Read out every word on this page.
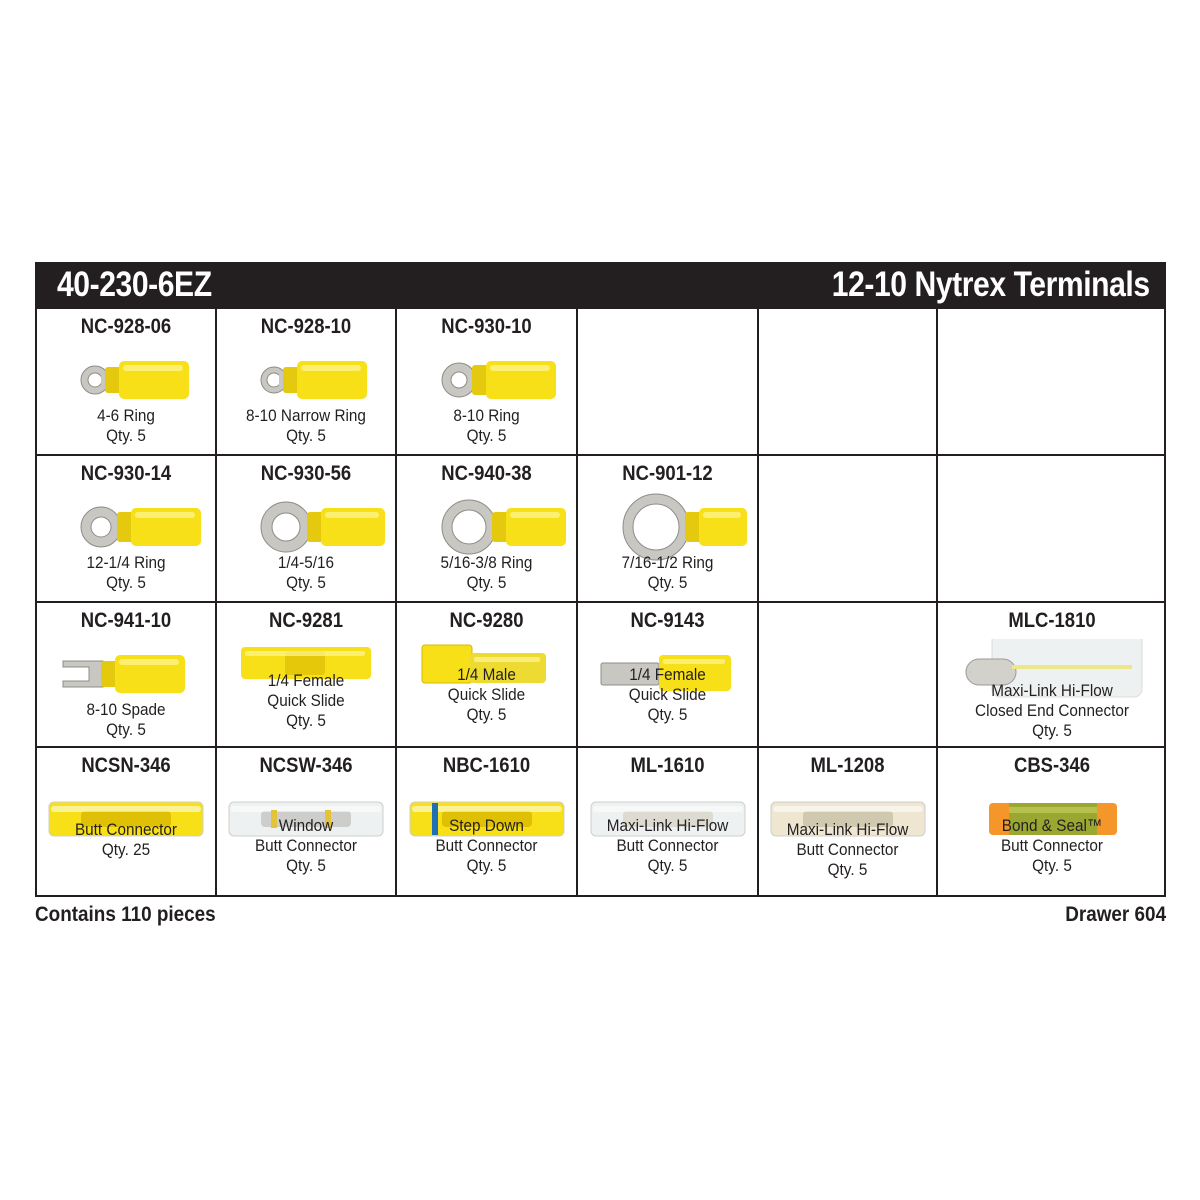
40-230-6EZ	12-10 Nytrex Terminals
NC-928-06
4-6 Ring
Qty. 5
NC-928-10
8-10 Narrow Ring
Qty. 5
NC-930-10
8-10 Ring
Qty. 5
NC-930-14
12-1/4 Ring
Qty. 5
NC-930-56
1/4-5/16
Qty. 5
NC-940-38
5/16-3/8 Ring
Qty. 5
NC-901-12
7/16-1/2 Ring
Qty. 5
NC-941-10
8-10 Spade
Qty. 5
NC-9281
1/4 Female
Quick Slide
Qty. 5
NC-9280
1/4 Male
Quick Slide
Qty. 5
NC-9143
1/4 Female
Quick Slide
Qty. 5
MLC-1810
Maxi-Link Hi-Flow
Closed End Connector
Qty. 5
NCSN-346
Butt Connector
Qty. 25
NCSW-346
Window
Butt Connector
Qty. 5
NBC-1610
Step Down
Butt Connector
Qty. 5
ML-1610
Maxi-Link Hi-Flow
Butt Connector
Qty. 5
ML-1208
Maxi-Link Hi-Flow
Butt Connector
Qty. 5
CBS-346
Bond & Seal™
Butt Connector
Qty. 5
Contains 110 pieces	Drawer 604
